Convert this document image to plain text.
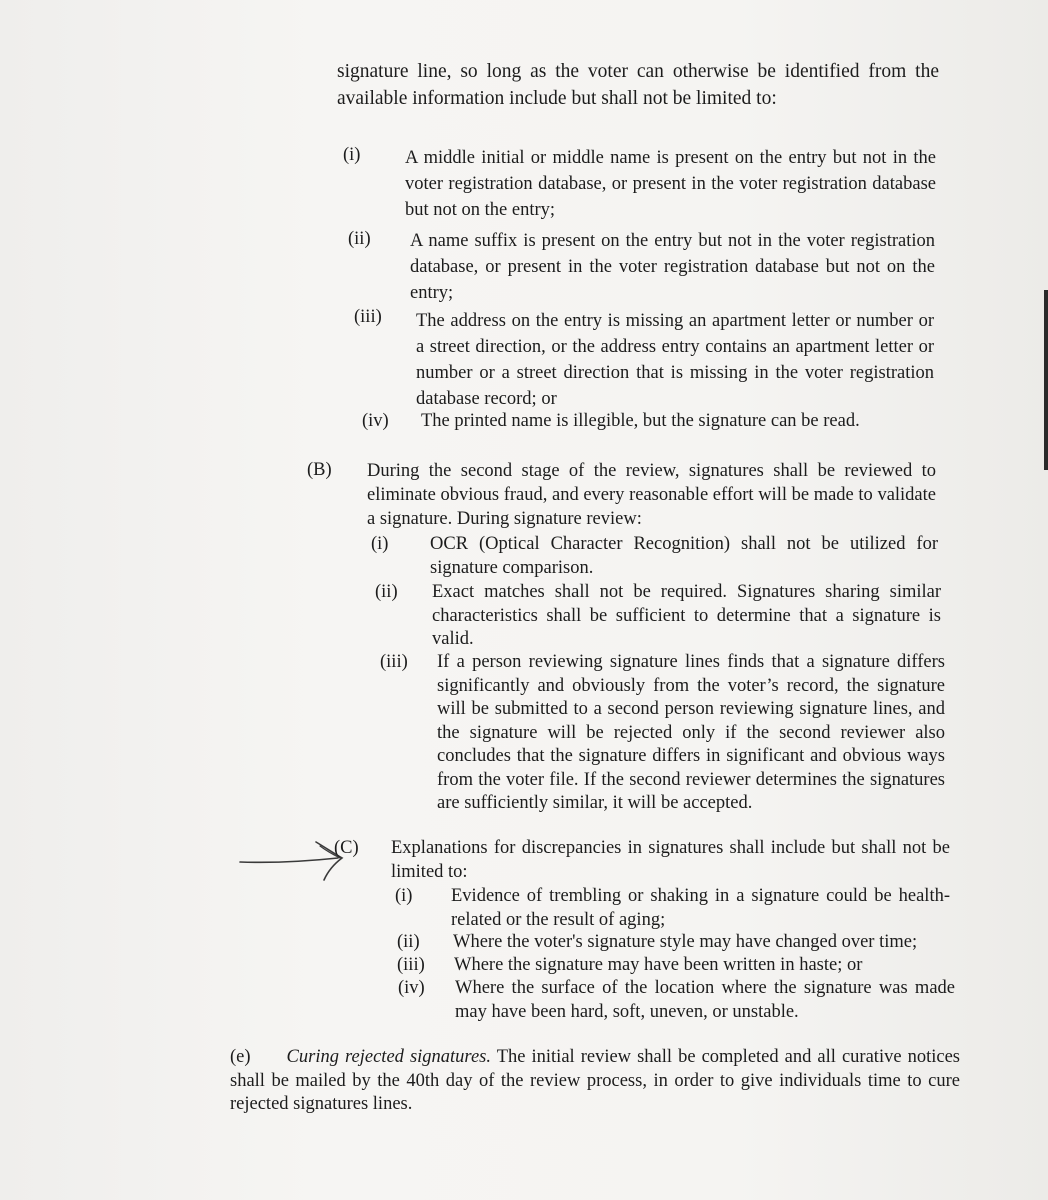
signature line, so long as the voter can otherwise be identified from the available information include but shall not be limited to:
(i) A middle initial or middle name is present on the entry but not in the voter registration database, or present in the voter registration database but not on the entry;
(ii) A name suffix is present on the entry but not in the voter registration database, or present in the voter registration database but not on the entry;
(iii) The address on the entry is missing an apartment letter or number or a street direction, or the address entry contains an apartment letter or number or a street direction that is missing in the voter registration database record; or
(iv) The printed name is illegible, but the signature can be read.
(B) During the second stage of the review, signatures shall be reviewed to eliminate obvious fraud, and every reasonable effort will be made to validate a signature. During signature review:
(i) OCR (Optical Character Recognition) shall not be utilized for signature comparison.
(ii) Exact matches shall not be required. Signatures sharing similar characteristics shall be sufficient to determine that a signature is valid.
(iii) If a person reviewing signature lines finds that a signature differs significantly and obviously from the voter’s record, the signature will be submitted to a second person reviewing signature lines, and the signature will be rejected only if the second reviewer also concludes that the signature differs in significant and obvious ways from the voter file. If the second reviewer determines the signatures are sufficiently similar, it will be accepted.
(C) Explanations for discrepancies in signatures shall include but shall not be limited to:
(i) Evidence of trembling or shaking in a signature could be health-related or the result of aging;
(ii) Where the voter's signature style may have changed over time;
(iii) Where the signature may have been written in haste; or
(iv) Where the surface of the location where the signature was made may have been hard, soft, uneven, or unstable.
(e) Curing rejected signatures. The initial review shall be completed and all curative notices shall be mailed by the 40th day of the review process, in order to give individuals time to cure rejected signatures lines.
